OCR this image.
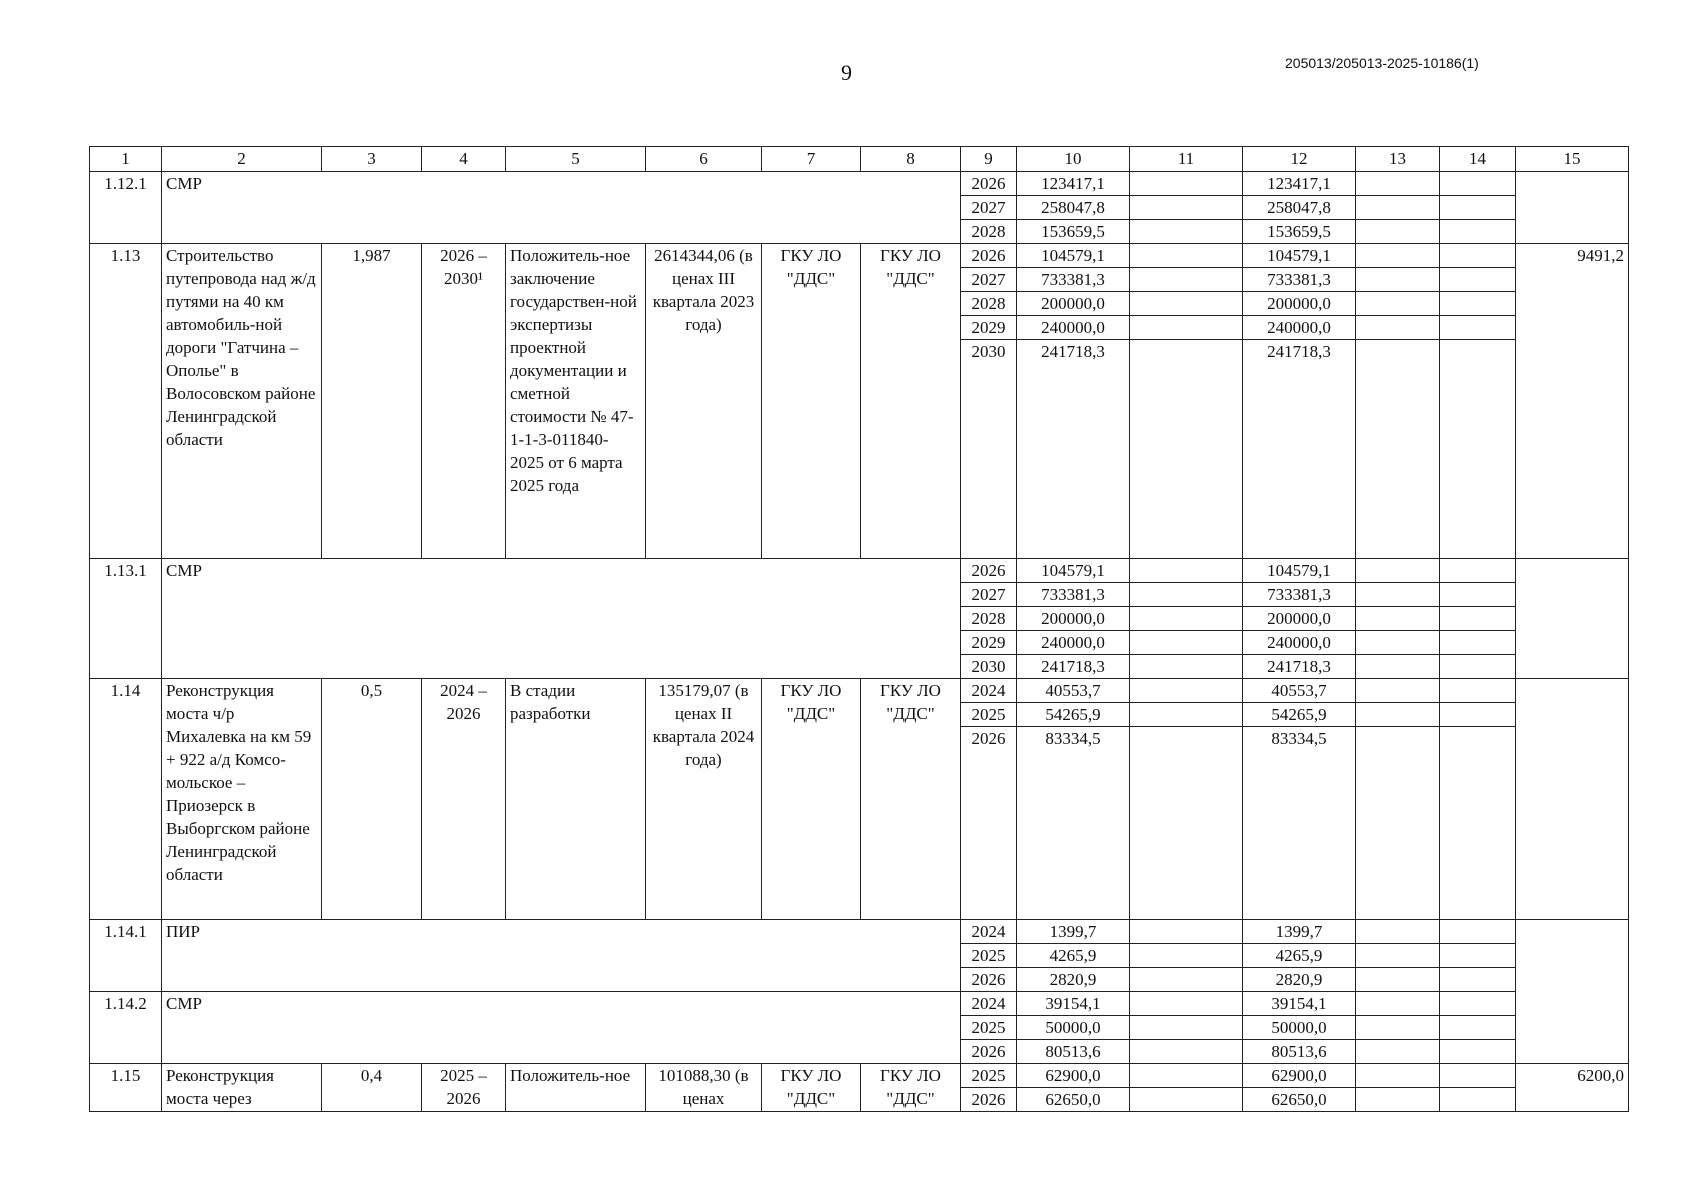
9	205013/205013-2025-10186(1)
1	2	3	4	5	6	7	8	9	10	11	12	13	14	15
1.12.1	СМР							2026	123417,1		123417,1			
								2027	258047,8		258047,8			
								2028	153659,5		153659,5			
1.13	Строительство путепровода над ж/д путями на 40 км автомобиль-ной дороги "Гатчина – Ополье" в Волосовском районе Ленинградской области	1,987	2026 – 2030¹	Положитель-ное заключение государствен-ной экспертизы проектной документации и сметной стоимости № 47-1-1-3-011840-2025 от 6 марта 2025 года	2614344,06 (в ценах III квартала 2023 года)	ГКУ ЛО "ДДС"	ГКУ ЛО "ДДС"	2026	104579,1		104579,1			9491,2
								2027	733381,3		733381,3			
								2028	200000,0		200000,0			
								2029	240000,0		240000,0			
								2030	241718,3		241718,3			
1.13.1	СМР							2026	104579,1		104579,1			
								2027	733381,3		733381,3			
								2028	200000,0		200000,0			
								2029	240000,0		240000,0			
								2030	241718,3		241718,3			
1.14	Реконструкция моста ч/р Михалевка на км 59 + 922 а/д Комсо-мольское – Приозерск в Выборгском районе Ленинградской области	0,5	2024 – 2026	В стадии разработки	135179,07 (в ценах II квартала 2024 года)	ГКУ ЛО "ДДС"	ГКУ ЛО "ДДС"	2024	40553,7		40553,7			
								2025	54265,9		54265,9			
								2026	83334,5		83334,5			
1.14.1	ПИР							2024	1399,7		1399,7			
								2025	4265,9		4265,9			
								2026	2820,9		2820,9			
1.14.2	СМР							2024	39154,1		39154,1			
								2025	50000,0		50000,0			
								2026	80513,6		80513,6			
1.15	Реконструкция моста через	0,4	2025 – 2026	Положитель-ное	101088,30 (в ценах	ГКУ ЛО "ДДС"	ГКУ ЛО "ДДС"	2025	62900,0		62900,0			6200,0
								2026	62650,0		62650,0			
